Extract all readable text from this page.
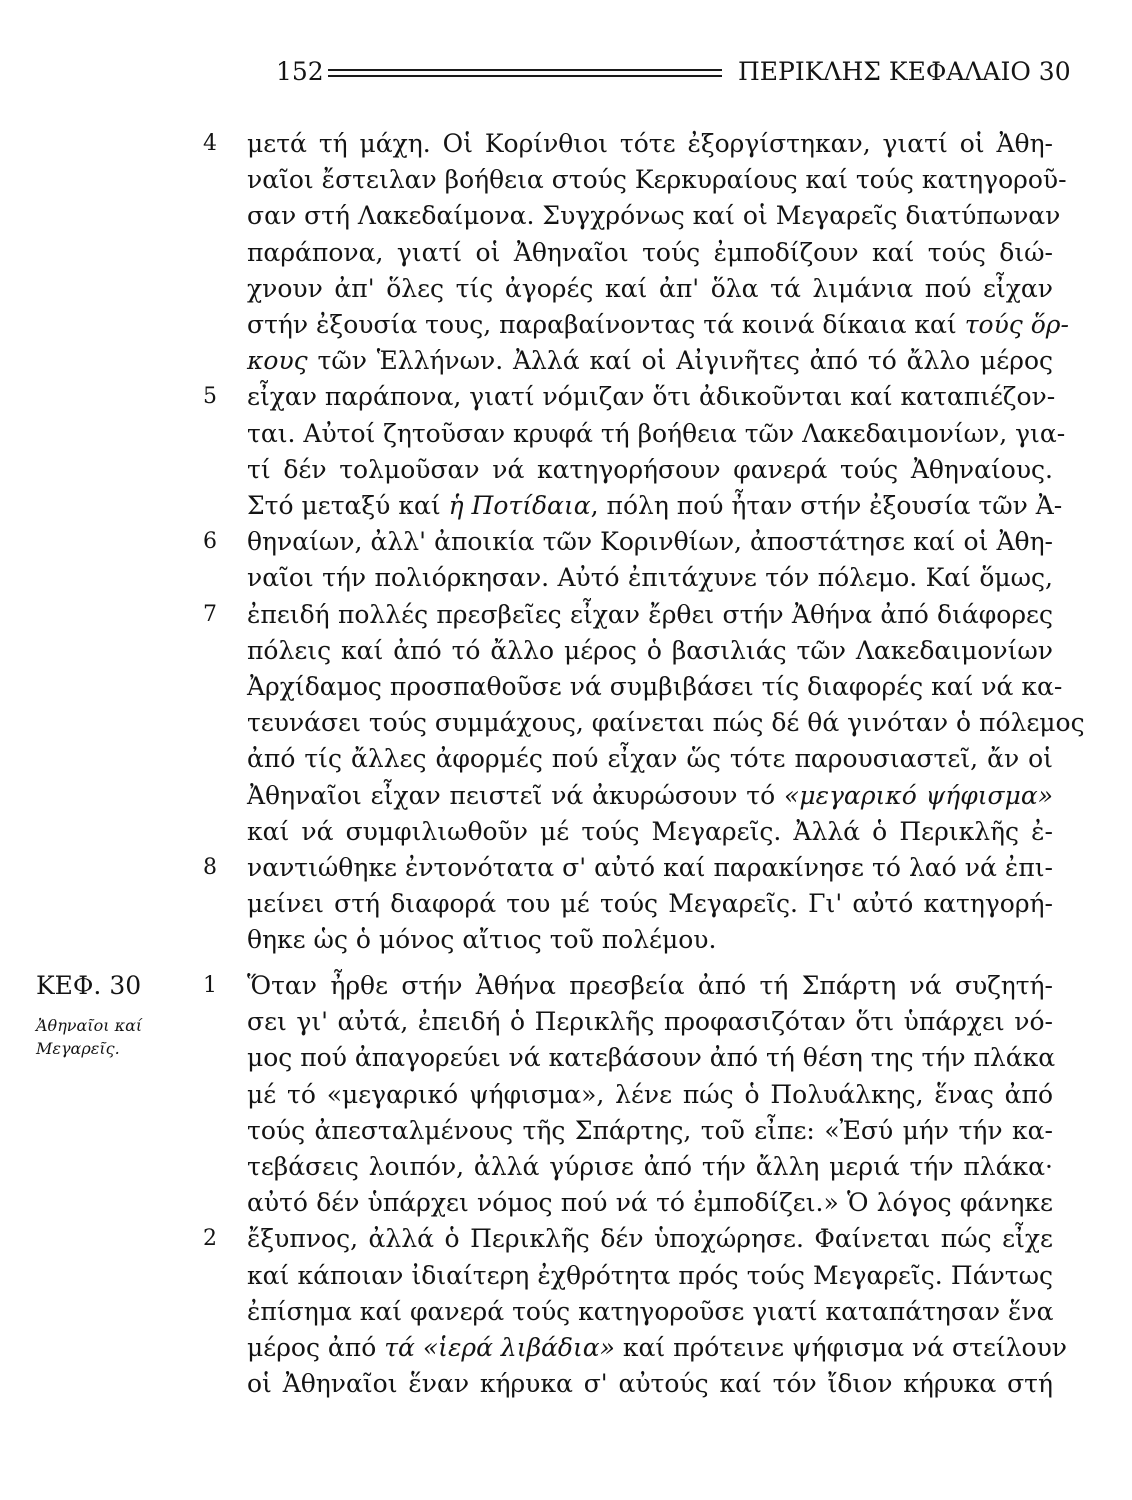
152	ΠΕΡΙΚΛΗΣ ΚΕΦΑΛΑΙΟ 30
μετά τή μάχη. Οἱ Κορίνθιοι τότε ἐξοργίστηκαν, γιατί οἱ Ἀθη-
ναῖοι ἔστειλαν βοήθεια στούς Κερκυραίους καί τούς κατηγοροῦ-
σαν στή Λακεδαίμονα. Συγχρόνως καί οἱ Μεγαρεῖς διατύπωναν
παράπονα, γιατί οἱ Ἀθηναῖοι τούς ἐμποδίζουν καί τούς διώ-
χνουν ἀπ' ὅλες τίς ἀγορές καί ἀπ' ὅλα τά λιμάνια πού εἶχαν
στήν ἐξουσία τους, παραβαίνοντας τά κοινά δίκαια καί τούς ὅρ-
κους τῶν Ἑλλήνων. Ἀλλά καί οἱ Αἰγινῆτες ἀπό τό ἄλλο μέρος
εἶχαν παράπονα, γιατί νόμιζαν ὅτι ἀδικοῦνται καί καταπιέζον-
ται. Αὐτοί ζητοῦσαν κρυφά τή βοήθεια τῶν Λακεδαιμονίων, για-
τί δέν τολμοῦσαν νά κατηγορήσουν φανερά τούς Ἀθηναίους.
Στό μεταξύ καί ἡ Ποτίδαια, πόλη πού ἦταν στήν ἐξουσία τῶν Ἀ-
θηναίων, ἀλλ' ἀποικία τῶν Κορινθίων, ἀποστάτησε καί οἱ Ἀθη-
ναῖοι τήν πολιόρκησαν. Αὐτό ἐπιτάχυνε τόν πόλεμο. Καί ὅμως,
ἐπειδή πολλές πρεσβεῖες εἶχαν ἔρθει στήν Ἀθήνα ἀπό διάφορες
πόλεις καί ἀπό τό ἄλλο μέρος ὁ βασιλιάς τῶν Λακεδαιμονίων
Ἀρχίδαμος προσπαθοῦσε νά συμβιβάσει τίς διαφορές καί νά κα-
τευνάσει τούς συμμάχους, φαίνεται πώς δέ θά γινόταν ὁ πόλεμος
ἀπό τίς ἄλλες ἀφορμές πού εἶχαν ὥς τότε παρουσιαστεῖ, ἄν οἱ
Ἀθηναῖοι εἶχαν πειστεῖ νά ἀκυρώσουν τό «μεγαρικό ψήφισμα»
καί νά συμφιλιωθοῦν μέ τούς Μεγαρεῖς. Ἀλλά ὁ Περικλῆς ἐ-
ναντιώθηκε ἐντονότατα σ' αὐτό καί παρακίνησε τό λαό νά ἐπι-
μείνει στή διαφορά του μέ τούς Μεγαρεῖς. Γι' αὐτό κατηγορή-
θηκε ὡς ὁ μόνος αἴτιος τοῦ πολέμου.
Ὅταν ἦρθε στήν Ἀθήνα πρεσβεία ἀπό τή Σπάρτη νά συζητή-
σει γι' αὐτά, ἐπειδή ὁ Περικλῆς προφασιζόταν ὅτι ὑπάρχει νό-
μος πού ἀπαγορεύει νά κατεβάσουν ἀπό τή θέση της τήν πλάκα
μέ τό «μεγαρικό ψήφισμα», λένε πώς ὁ Πολυάλκης, ἕνας ἀπό
τούς ἀπεσταλμένους τῆς Σπάρτης, τοῦ εἶπε: «Ἐσύ μήν τήν κα-
τεβάσεις λοιπόν, ἀλλά γύρισε ἀπό τήν ἄλλη μεριά τήν πλάκα·
αὐτό δέν ὑπάρχει νόμος πού νά τό ἐμποδίζει.» Ὁ λόγος φάνηκε
ἔξυπνος, ἀλλά ὁ Περικλῆς δέν ὑποχώρησε. Φαίνεται πώς εἶχε
καί κάποιαν ἰδιαίτερη ἐχθρότητα πρός τούς Μεγαρεῖς. Πάντως
ἐπίσημα καί φανερά τούς κατηγοροῦσε γιατί καταπάτησαν ἕνα
μέρος ἀπό τά «ἱερά λιβάδια» καί πρότεινε ψήφισμα νά στείλουν
οἱ Ἀθηναῖοι ἕναν κήρυκα σ' αὐτούς καί τόν ἴδιον κήρυκα στή
4
5
6
7
8
1
2
ΚΕΦ. 30
Ἀθηναῖοι καί
Μεγαρεῖς.
